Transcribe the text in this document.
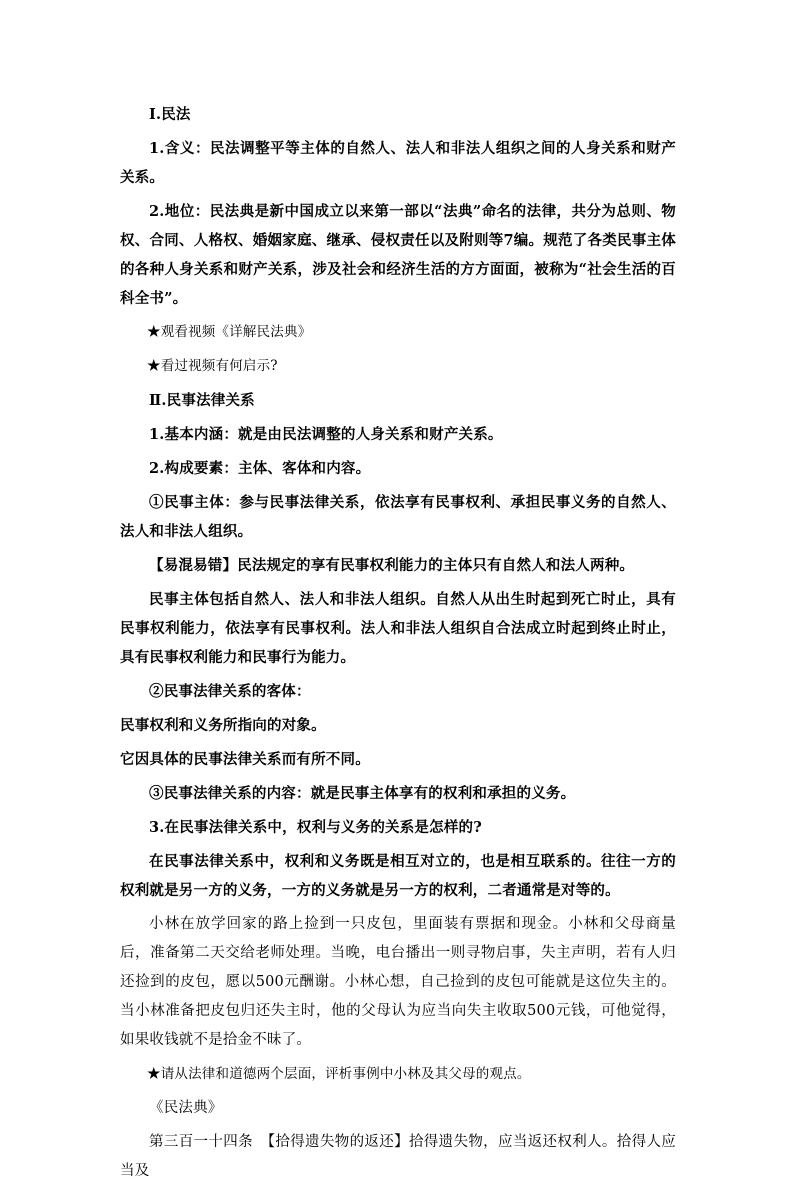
Ⅰ.民法

1.含义：民法调整平等主体的自然人、法人和非法人组织之间的人身关系和财产关系。

2.地位：民法典是新中国成立以来第一部以“法典”命名的法律，共分为总则、物权、合同、人格权、婚姻家庭、继承、侵权责任以及附则等7编。规范了各类民事主体的各种人身关系和财产关系，涉及社会和经济生活的方方面面，被称为“社会生活的百科全书”。

★观看视频《详解民法典》

★看过视频有何启示?

Ⅱ.民事法律关系

1.基本内涵：就是由民法调整的人身关系和财产关系。

2.构成要素：主体、客体和内容。

①民事主体：参与民事法律关系，依法享有民事权利、承担民事义务的自然人、法人和非法人组织。

【易混易错】民法规定的享有民事权利能力的主体只有自然人和法人两种。

民事主体包括自然人、法人和非法人组织。自然人从出生时起到死亡时止，具有民事权利能力，依法享有民事权利。法人和非法人组织自合法成立时起到终止时止，具有民事权利能力和民事行为能力。

②民事法律关系的客体：

民事权利和义务所指向的对象。

它因具体的民事法律关系而有所不同。

③民事法律关系的内容：就是民事主体享有的权利和承担的义务。

3.在民事法律关系中，权利与义务的关系是怎样的?

在民事法律关系中，权利和义务既是相互对立的，也是相互联系的。往往一方的权利就是另一方的义务，一方的义务就是另一方的权利，二者通常是对等的。

小林在放学回家的路上捡到一只皮包，里面装有票据和现金。小林和父母商量后，准备第二天交给老师处理。当晚，电台播出一则寻物启事，失主声明，若有人归还捡到的皮包，愿以500元酬谢。小林心想，自己捡到的皮包可能就是这位失主的。当小林准备把皮包归还失主时，他的父母认为应当向失主收取500元钱，可他觉得，如果收钱就不是拾金不昧了。

★请从法律和道德两个层面，评析事例中小林及其父母的观点。

《民法典》

第三百一十四条　【拾得遗失物的返还】拾得遗失物，应当返还权利人。拾得人应当及
